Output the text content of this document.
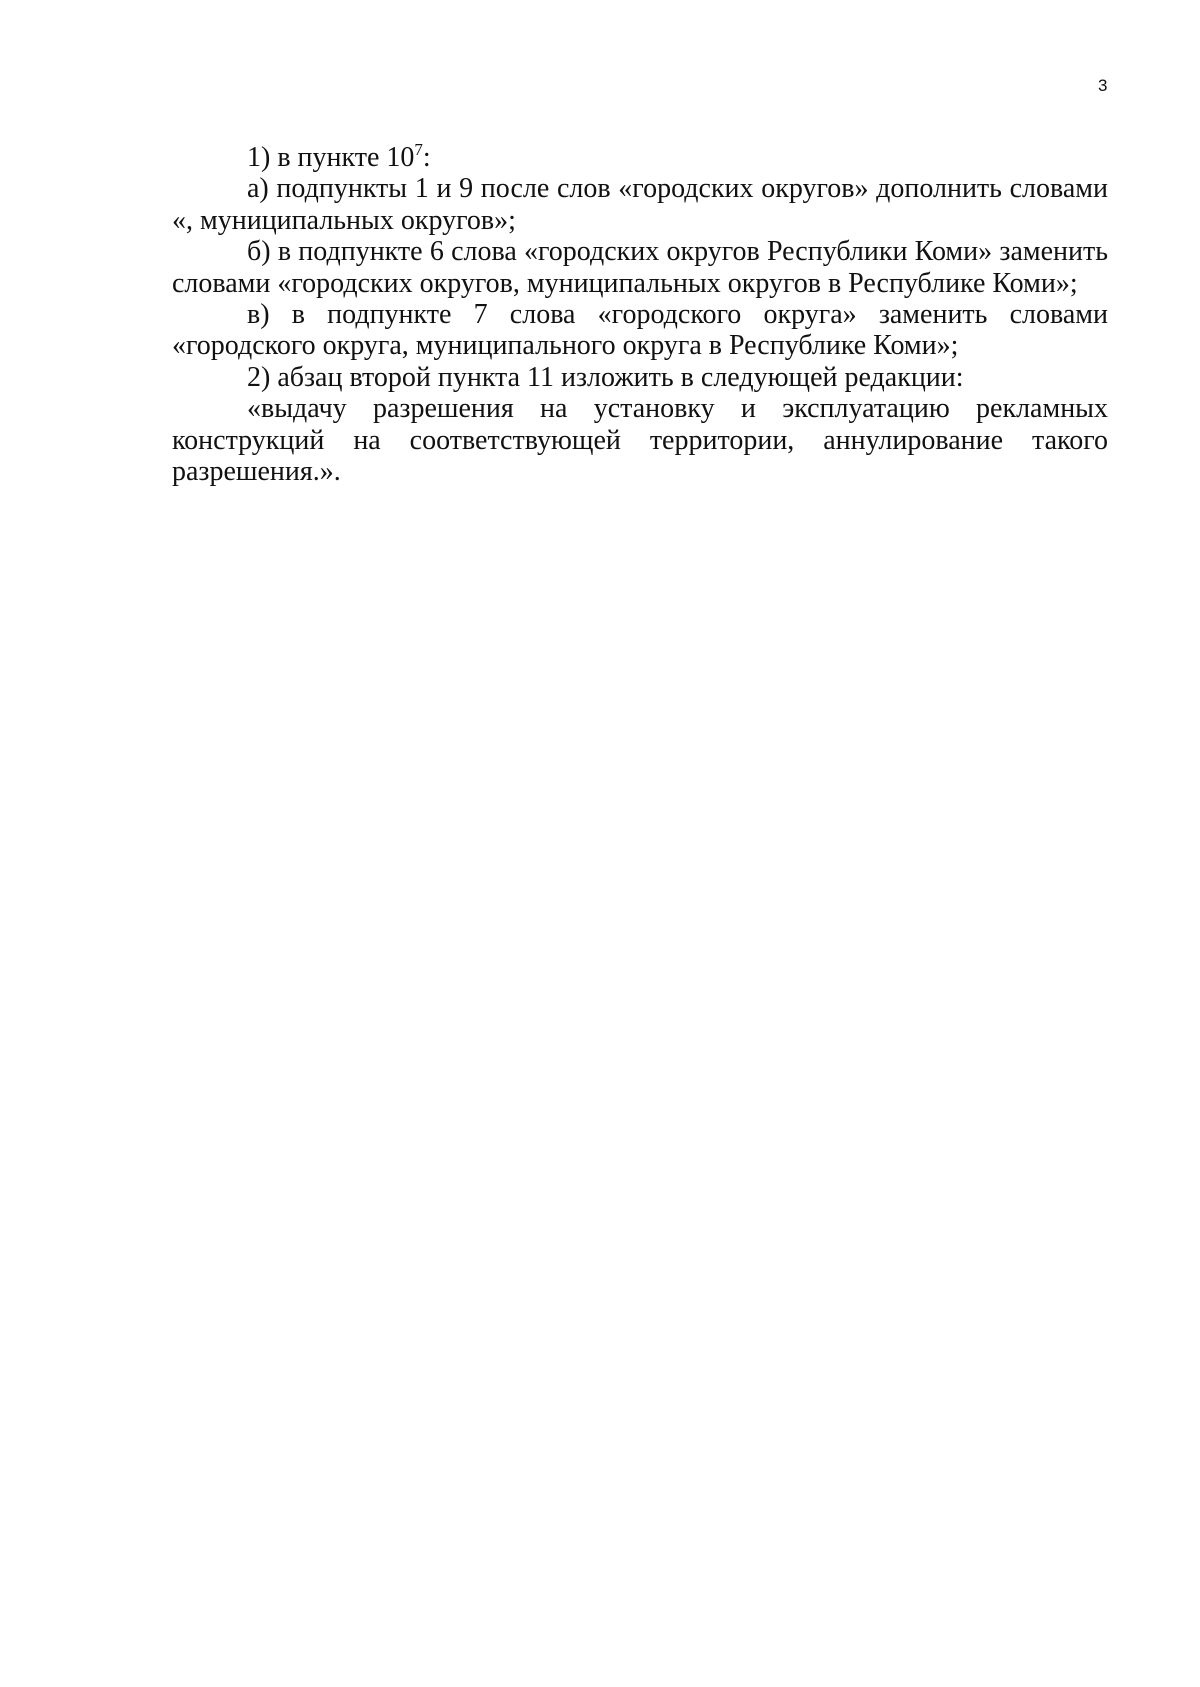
3

1) в пункте $10^7$:

а) подпункты 1 и 9 после слов «городских округов» дополнить словами «, муниципальных округов»;

б) в подпункте 6 слова «городских округов Республики Коми» заменить словами «городских округов, муниципальных округов в Республике Коми»;

в) в подпункте 7 слова «городского округа» заменить словами «городского округа, муниципального округа в Республике Коми»;

2) абзац второй пункта 11 изложить в следующей редакции:

«выдачу разрешения на установку и эксплуатацию рекламных конструкций на соответствующей территории, аннулирование такого разрешения.».
